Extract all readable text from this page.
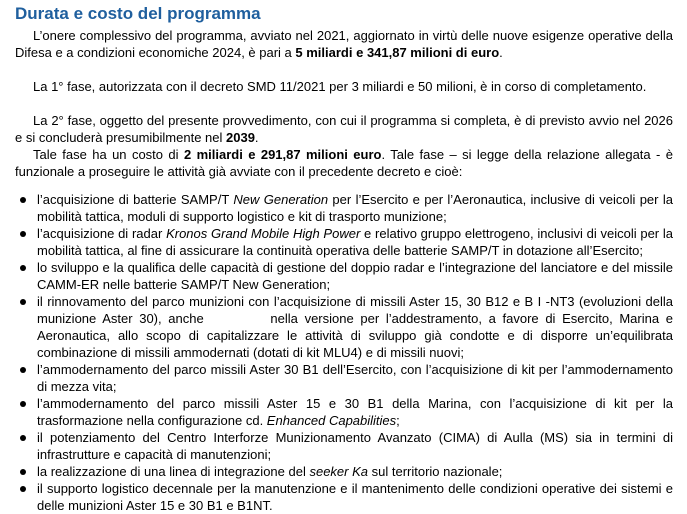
Durata e costo del programma

L’onere complessivo del programma, avviato nel 2021, aggiornato in virtù delle nuove esigenze operative della Difesa e a condizioni economiche 2024, è pari a 5 miliardi e 341,87 milioni di euro.

La 1° fase, autorizzata con il decreto SMD 11/2021 per 3 miliardi e 50 milioni, è in corso di completamento.

La 2° fase, oggetto del presente provvedimento, con cui il programma si completa, è di previsto avvio nel 2026 e si concluderà presumibilmente nel 2039.

Tale fase ha un costo di 2 miliardi e 291,87 milioni euro. Tale fase – si legge della relazione allegata - è funzionale a proseguire le attività già avviate con il precedente decreto e cioè:

l’acquisizione di batterie SAMP/T New Generation per l’Esercito e per l’Aeronautica, inclusive di veicoli per la mobilità tattica, moduli di supporto logistico e kit di trasporto munizione;
l’acquisizione di radar Kronos Grand Mobile High Power e relativo gruppo elettrogeno, inclusivi di veicoli per la mobilità tattica, al fine di assicurare la continuità operativa delle batterie SAMP/T in dotazione all’Esercito;
lo sviluppo e la qualifica delle capacità di gestione del doppio radar e l’integrazione del lanciatore e del missile CAMM-ER nelle batterie SAMP/T New Generation;
il rinnovamento del parco munizioni con l’acquisizione di missili Aster 15, 30 B12 e B I -NT3 (evoluzioni della munizione Aster 30), anche          nella versione per l’addestramento, a favore di Esercito, Marina e Aeronautica, allo scopo di capitalizzare le attività di sviluppo già condotte e di disporre un’equilibrata combinazione di missili ammodernati (dotati di kit MLU4) e di missili nuovi;
l’ammodernamento del parco missili Aster 30 B1 dell’Esercito, con l’acquisizione di kit per l’ammodernamento di mezza vita;
l’ammodernamento del parco missili Aster 15 e 30 B1 della Marina, con l’acquisizione di kit per la trasformazione nella configurazione cd. Enhanced Capabilities;
il potenziamento del Centro Interforze Munizionamento Avanzato (CIMA) di Aulla (MS) sia in termini di infrastrutture e capacità di manutenzioni;
la realizzazione di una linea di integrazione del seeker Ka sul territorio nazionale;
il supporto logistico decennale per la manutenzione e il mantenimento delle condizioni operative dei sistemi e delle munizioni Aster 15 e 30 B1 e B1NT.
